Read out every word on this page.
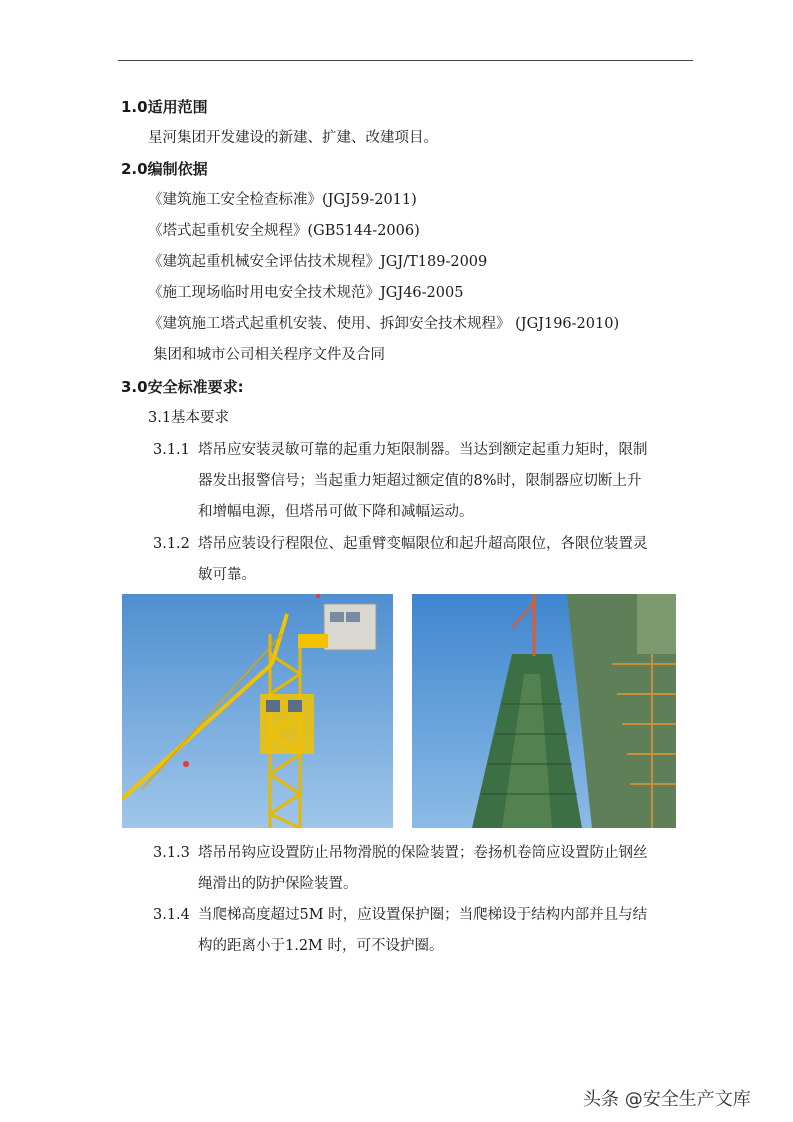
1.0适用范围
星河集团开发建设的新建、扩建、改建项目。
2.0编制依据
《建筑施工安全检查标准》(JGJ59-2011)
《塔式起重机安全规程》(GB5144-2006)
《建筑起重机械安全评估技术规程》JGJ/T189-2009
《施工现场临时用电安全技术规范》JGJ46-2005
《建筑施工塔式起重机安装、使用、拆卸安全技术规程》 (JGJ196-2010)
集团和城市公司相关程序文件及合同
3.0安全标准要求:
3.1基本要求
3.1.1 塔吊应安装灵敏可靠的起重力矩限制器。当达到额定起重力矩时，限制
器发出报警信号；当起重力矩超过额定值的8%时，限制器应切断上升
和增幅电源，但塔吊可做下降和减幅运动。
3.1.2 塔吊应装设行程限位、起重臂变幅限位和起升超高限位，各限位装置灵
敏可靠。
3.1.3 塔吊吊钩应设置防止吊物滑脱的保险装置；卷扬机卷筒应设置防止钢丝
绳滑出的防护保险装置。
3.1.4 当爬梯高度超过5M 时，应设置保护圈；当爬梯设于结构内部并且与结
构的距离小于1.2M 时，可不设护圈。
头条 @安全生产文库
